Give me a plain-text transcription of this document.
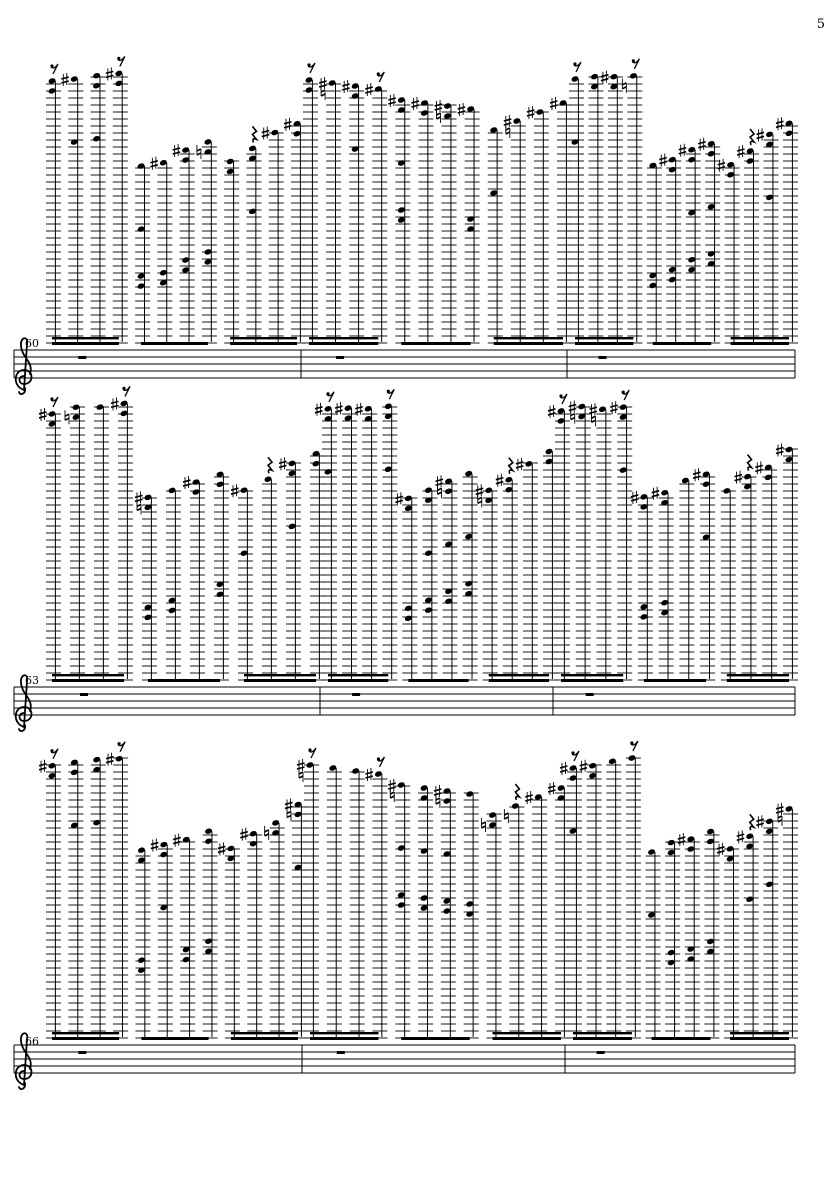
5
60
63
66
